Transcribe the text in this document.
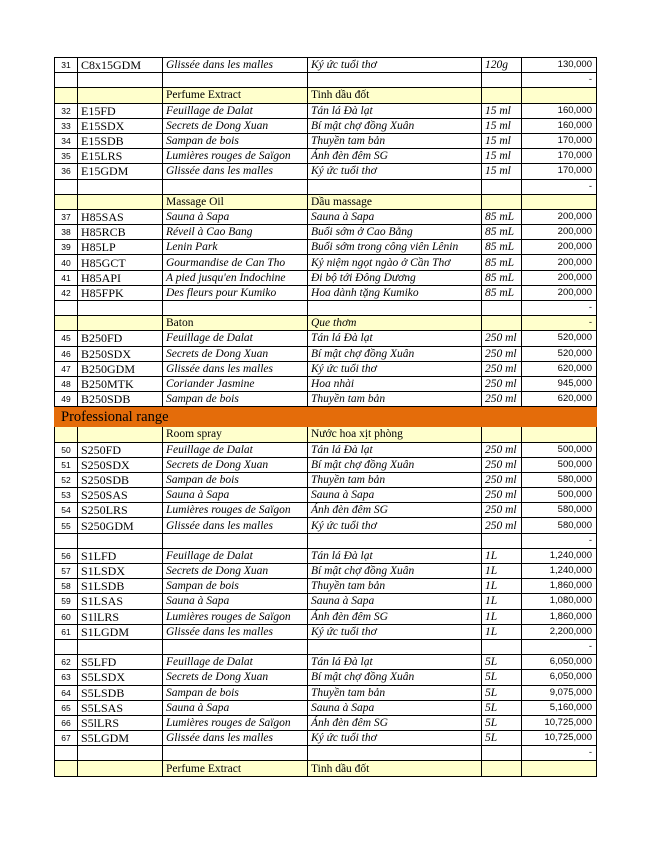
31	C8x15GDM	Glissée dans les malles	Ký ức tuổi thơ	120g	130,000
					-
		Perfume Extract	Tinh dầu đốt		
32	E15FD	Feuillage de Dalat	Tán lá Đà lạt	15 ml	160,000
33	E15SDX	Secrets de Dong Xuan	Bí mật chợ đồng Xuân	15 ml	160,000
34	E15SDB	Sampan de bois	Thuyền tam bản	15 ml	170,000
35	E15LRS	Lumières rouges de Saïgon	Ánh đèn đêm SG	15 ml	170,000
36	E15GDM	Glissée dans les malles	Ký ức tuổi thơ	15 ml	170,000
					-
		Massage Oil	Dầu massage		
37	H85SAS	Sauna à Sapa	Sauna à Sapa	85 mL	200,000
38	H85RCB	Réveil à Cao Bang	Buổi sớm ở Cao Bằng	85 mL	200,000
39	H85LP	Lenin Park	Buổi sớm trong công viên Lênin	85 mL	200,000
40	H85GCT	Gourmandise de Can Tho	Kỷ niệm ngọt ngào ở Cần Thơ	85 mL	200,000
41	H85API	A pied jusqu'en Indochine	Đi bộ tới Đông Dương	85 mL	200,000
42	H85FPK	Des fleurs pour Kumiko	Hoa dành tặng Kumiko	85 mL	200,000
					-
		Baton	Que thơm		-
45	B250FD	Feuillage de Dalat	Tán lá Đà lạt	250 ml	520,000
46	B250SDX	Secrets de Dong Xuan	Bí mật chợ đồng Xuân	250 ml	520,000
47	B250GDM	Glissée dans les malles	Ký ức tuổi thơ	250 ml	620,000
48	B250MTK	Coriander Jasmine	Hoa nhài	250 ml	945,000
49	B250SDB	Sampan de bois	Thuyền tam bản	250 ml	620,000
Professional range					
		Room spray	Nước hoa xịt phòng		
50	S250FD	Feuillage de Dalat	Tán lá Đà lạt	250 ml	500,000
51	S250SDX	Secrets de Dong Xuan	Bí mật chợ đồng Xuân	250 ml	500,000
52	S250SDB	Sampan de bois	Thuyền tam bản	250 ml	580,000
53	S250SAS	Sauna à Sapa	Sauna à Sapa	250 ml	500,000
54	S250LRS	Lumières rouges de Saïgon	Ánh đèn đêm SG	250 ml	580,000
55	S250GDM	Glissée dans les malles	Ký ức tuổi thơ	250 ml	580,000
					-
56	S1LFD	Feuillage de Dalat	Tán lá Đà lạt	1L	1,240,000
57	S1LSDX	Secrets de Dong Xuan	Bí mật chợ đồng Xuân	1L	1,240,000
58	S1LSDB	Sampan de bois	Thuyền tam bản	1L	1,860,000
59	S1LSAS	Sauna à Sapa	Sauna à Sapa	1L	1,080,000
60	S1lLRS	Lumières rouges de Saïgon	Ánh đèn đêm SG	1L	1,860,000
61	S1LGDM	Glissée dans les malles	Ký ức tuổi thơ	1L	2,200,000
					-
62	S5LFD	Feuillage de Dalat	Tán lá Đà lạt	5L	6,050,000
63	S5LSDX	Secrets de Dong Xuan	Bí mật chợ đồng Xuân	5L	6,050,000
64	S5LSDB	Sampan de bois	Thuyền tam bản	5L	9,075,000
65	S5LSAS	Sauna à Sapa	Sauna à Sapa	5L	5,160,000
66	S5lLRS	Lumières rouges de Saïgon	Ánh đèn đêm SG	5L	10,725,000
67	S5LGDM	Glissée dans les malles	Ký ức tuổi thơ	5L	10,725,000
					-
		Perfume Extract	Tinh dầu đốt		
